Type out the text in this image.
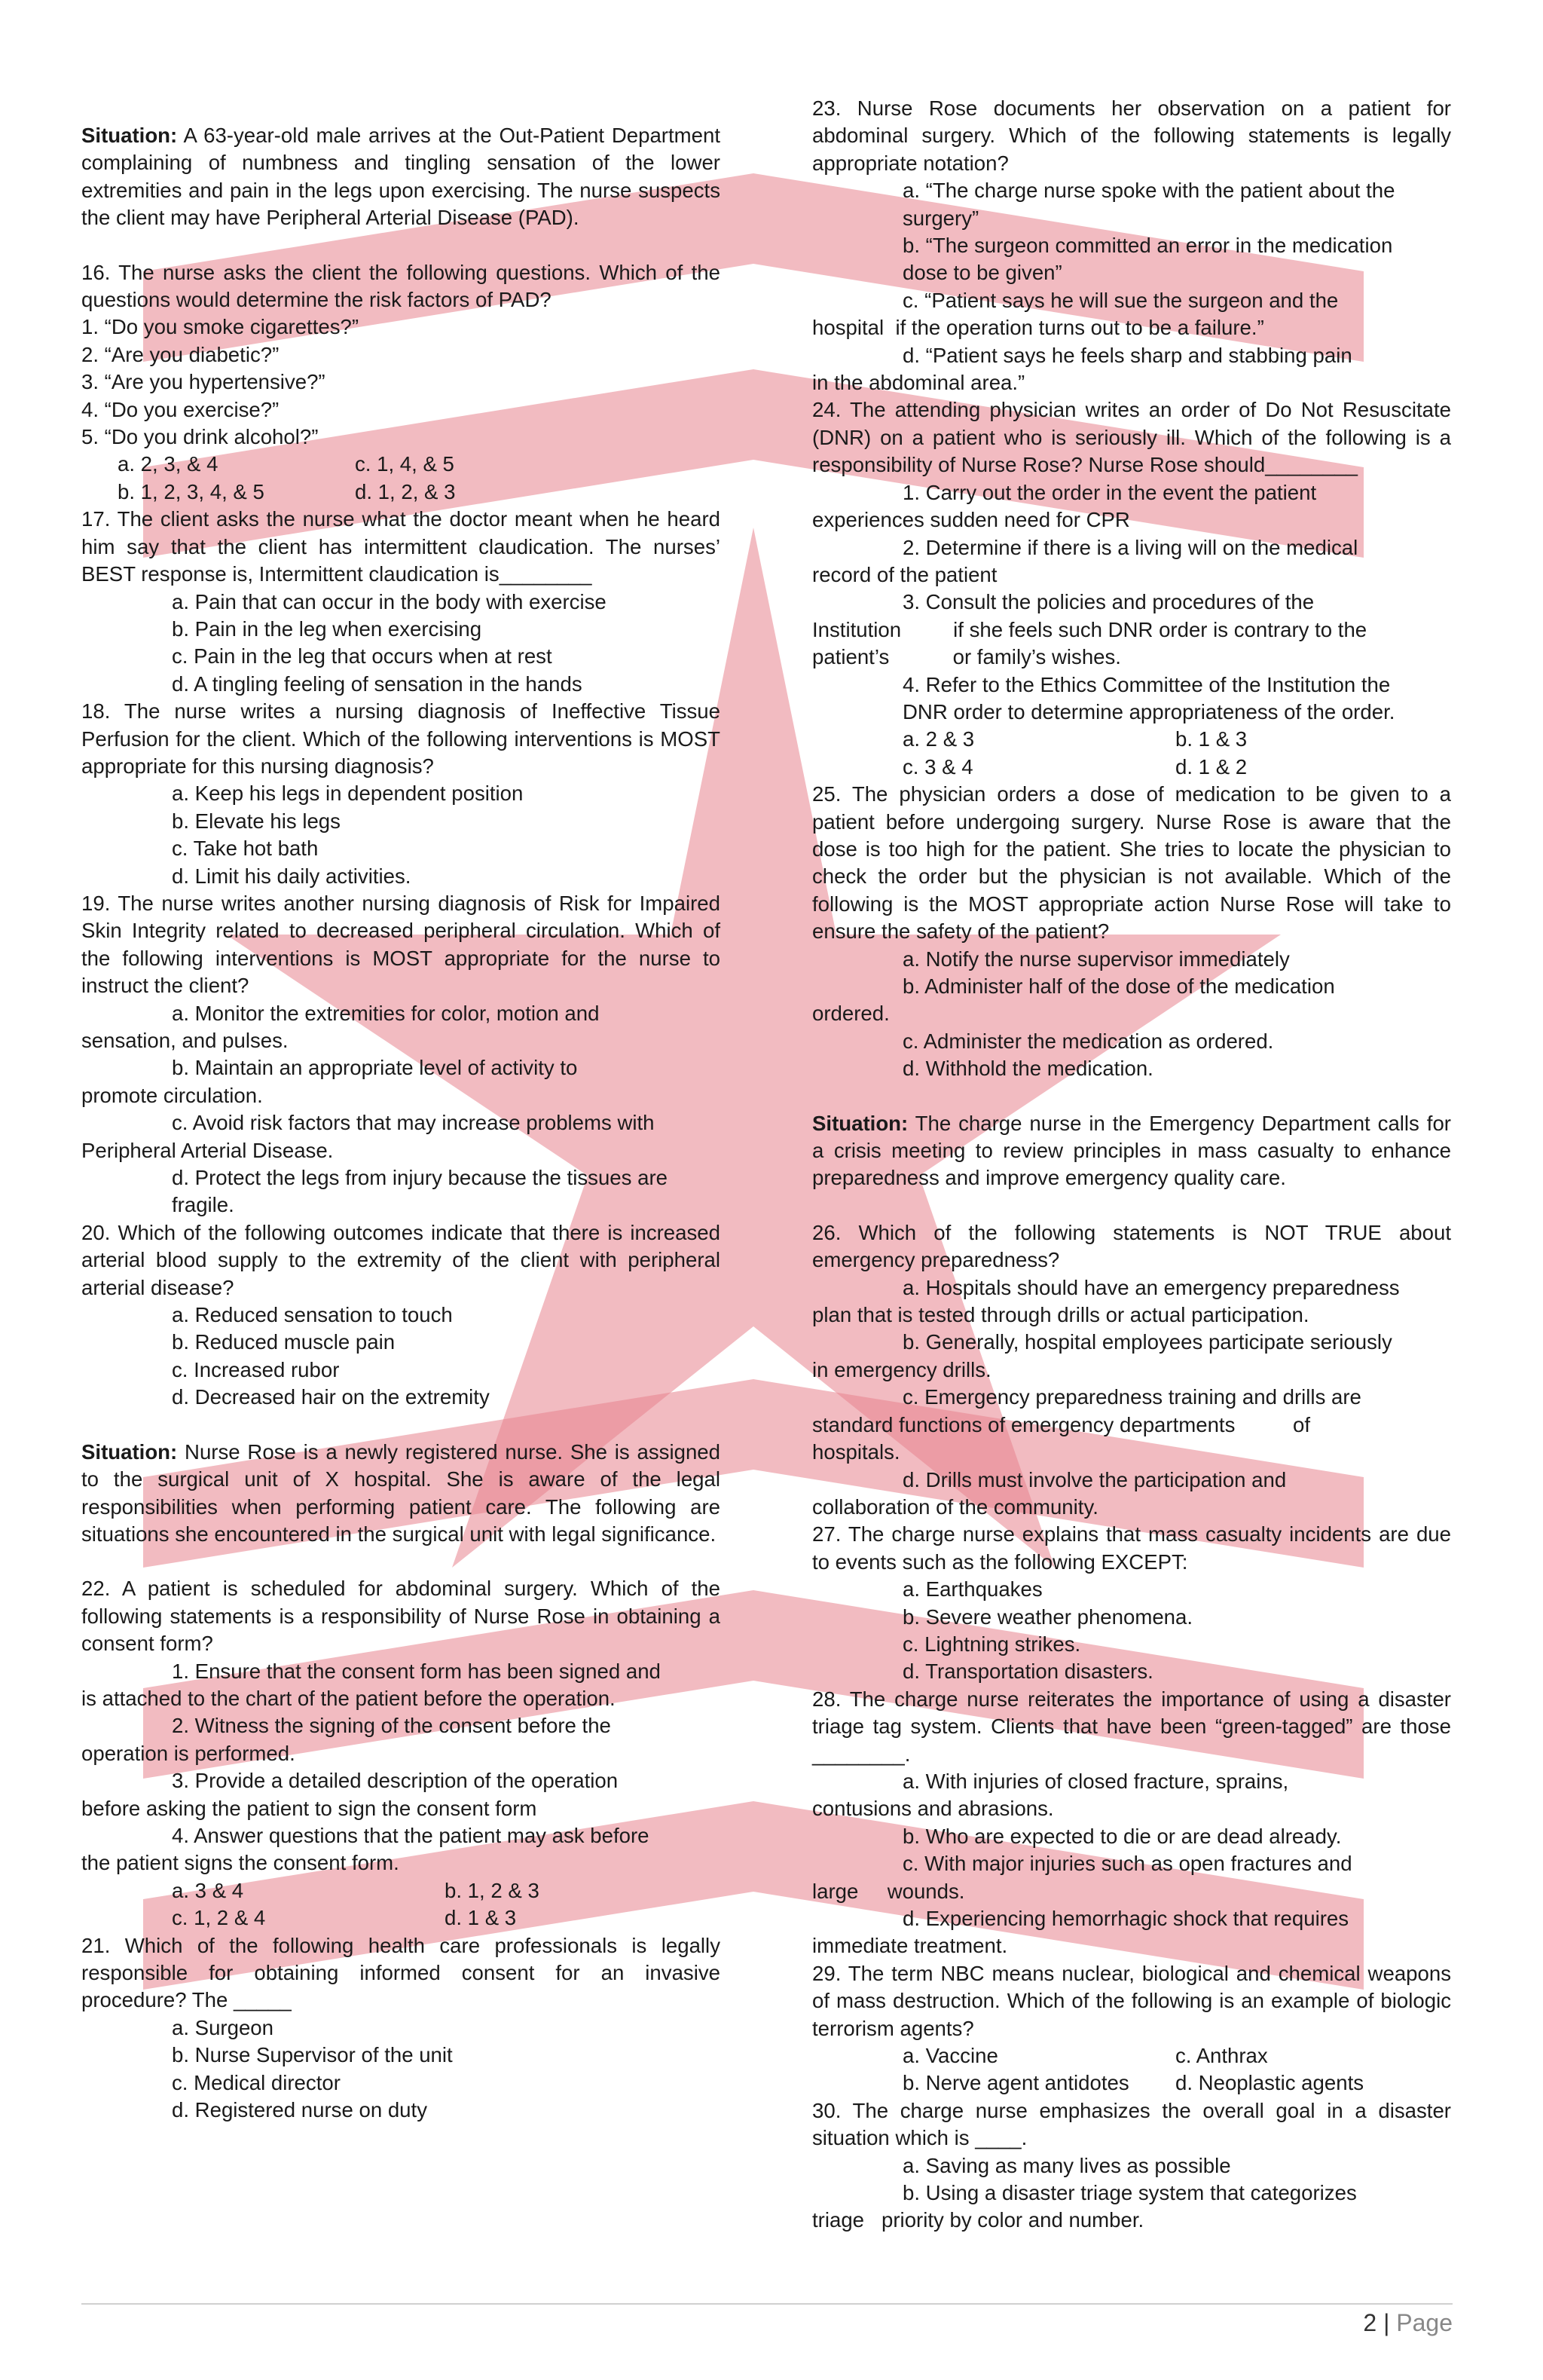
Situation: A 63-year-old male arrives at the Out-Patient Department complaining of numbness and tingling sensation of the lower extremities and pain in the legs upon exercising. The nurse suspects the client may have Peripheral Arterial Disease (PAD).

16. The nurse asks the client the following questions. Which of the questions would determine the risk factors of PAD?

1. “Do you smoke cigarettes?”
2. “Are you diabetic?”
3. “Are you hypertensive?”
4. “Do you exercise?”
5. “Do you drink alcohol?”
a. 2, 3, & 4	c. 1, 4, & 5
b. 1, 2, 3, 4, & 5	d. 1, 2, & 3

17. The client asks the nurse what the doctor meant when he heard him say that the client has intermittent claudication. The nurses’ BEST response is, Intermittent claudication is________

a. Pain that can occur in the body with exercise
b. Pain in the leg when exercising
c. Pain in the leg that occurs when at rest
d. A tingling feeling of sensation in the hands

18. The nurse writes a nursing diagnosis of Ineffective Tissue Perfusion for the client. Which of the following interventions is MOST appropriate for this nursing diagnosis?

a. Keep his legs in dependent position
b. Elevate his legs
c. Take hot bath
d. Limit his daily activities.

19. The nurse writes another nursing diagnosis of Risk for Impaired Skin Integrity related to decreased peripheral circulation. Which of the following interventions is MOST appropriate for the nurse to instruct the client?

a. Monitor the extremities for color, motion and
sensation, and pulses.
b. Maintain an appropriate level of activity to
promote circulation.
c. Avoid risk factors that may increase problems with
Peripheral Arterial Disease.
d. Protect the legs from injury because the tissues are
fragile.

20. Which of the following outcomes indicate that there is increased arterial blood supply to the extremity of the client with peripheral arterial disease?

a. Reduced sensation to touch
b. Reduced muscle pain
c. Increased rubor
d. Decreased hair on the extremity

Situation: Nurse Rose is a newly registered nurse. She is assigned to the surgical unit of X hospital. She is aware of the legal responsibilities when performing patient care. The following are situations she encountered in the surgical unit with legal significance.

22. A patient is scheduled for abdominal surgery. Which of the following statements is a responsibility of Nurse Rose in obtaining a consent form?

1. Ensure that the consent form has been signed and
is attached to the chart of the patient before the operation.
2. Witness the signing of the consent before the
operation is performed.
3. Provide a detailed description of the operation
before asking the patient to sign the consent form
4. Answer questions that the patient may ask before
the patient signs the consent form.
a. 3 & 4	b. 1, 2 & 3
c. 1, 2 & 4	d. 1 & 3

21. Which of the following health care professionals is legally responsible for obtaining informed consent for an invasive procedure? The _____

a. Surgeon
b. Nurse Supervisor of the unit
c. Medical director
d. Registered nurse on duty

23. Nurse Rose documents her observation on a patient for abdominal surgery. Which of the following statements is legally appropriate notation?

a. “The charge nurse spoke with the patient about the
surgery”
b. “The surgeon committed an error in the medication
dose to be given”
c. “Patient says he will sue the surgeon and the
hospital  if the operation turns out to be a failure.”
d. “Patient says he feels sharp and stabbing pain
in the abdominal area.”

24. The attending physician writes an order of Do Not Resuscitate (DNR) on a patient who is seriously ill. Which of the following is a responsibility of Nurse Rose? Nurse Rose should________

1. Carry out the order in the event the patient
experiences sudden need for CPR
2. Determine if there is a living will on the medical
record of the patient
3. Consult the policies and procedures of the
Institution         if she feels such DNR order is contrary to the
patient’s           or family’s wishes.
4. Refer to the Ethics Committee of the Institution the
DNR order to determine appropriateness of the order.
a. 2 & 3	b. 1 & 3
c. 3 & 4	d. 1 & 2

25. The physician orders a dose of medication to be given to a patient before undergoing surgery. Nurse Rose is aware that the dose is too high for the patient. She tries to locate the physician to check the order but the physician is not available. Which of the following is the MOST appropriate action Nurse Rose will take to ensure the safety of the patient?

a. Notify the nurse supervisor immediately
b. Administer half of the dose of the medication
ordered.
c. Administer the medication as ordered.
d. Withhold the medication.

Situation: The charge nurse in the Emergency Department calls for a crisis meeting to review principles in mass casualty to enhance preparedness and improve emergency quality care.

26. Which of the following statements is NOT TRUE about emergency preparedness?

a. Hospitals should have an emergency preparedness
plan that is tested through drills or actual participation.
b. Generally, hospital employees participate seriously
in emergency drills.
c. Emergency preparedness training and drills are
standard functions of emergency departments          of
hospitals.
d. Drills must involve the participation and
collaboration of the community.

27. The charge nurse explains that mass casualty incidents are due to events such as the following EXCEPT:

a. Earthquakes
b. Severe weather phenomena.
c. Lightning strikes.
d. Transportation disasters.

28. The charge nurse reiterates the importance of using a disaster triage tag system. Clients that have been “green-tagged” are those ________.

a. With injuries of closed fracture, sprains,
contusions and abrasions.
b. Who are expected to die or are dead already.
c. With major injuries such as open fractures and
large     wounds.
d. Experiencing hemorrhagic shock that requires
immediate treatment.

29. The term NBC means nuclear, biological and chemical weapons of mass destruction. Which of the following is an example of biologic terrorism agents?

a. Vaccine	c. Anthrax
b. Nerve agent antidotes	d. Neoplastic agents

30. The charge nurse emphasizes the overall goal in a disaster situation which is ____.

a. Saving as many lives as possible
b. Using a disaster triage system that categorizes
triage   priority by color and number.
2 | Page
